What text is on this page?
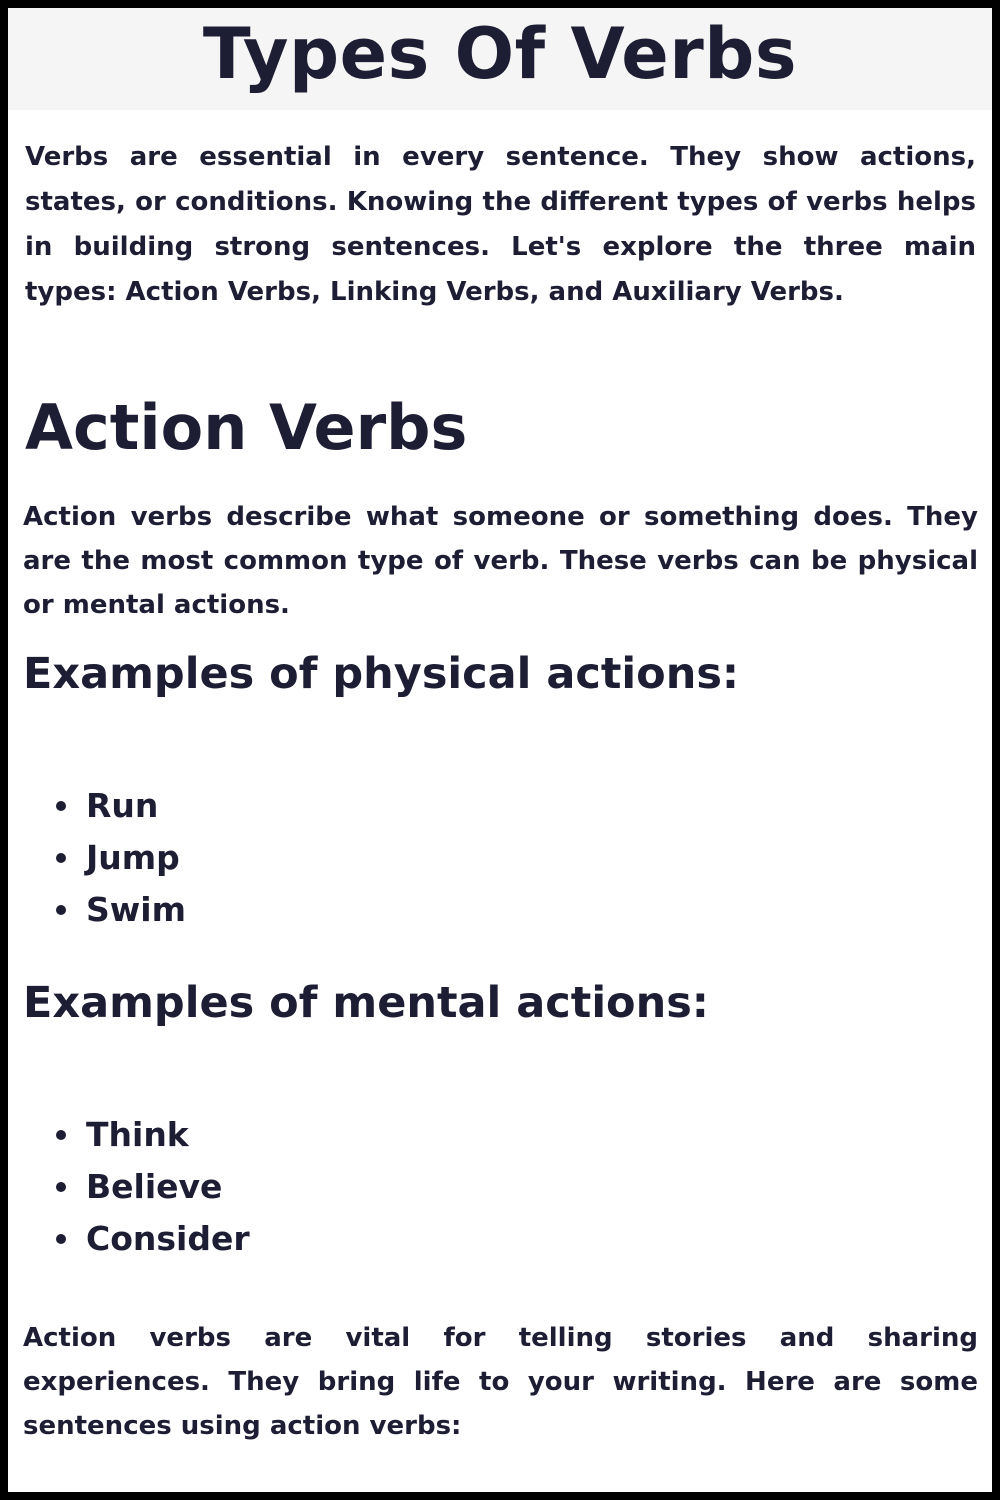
Types Of Verbs

Verbs are essential in every sentence. They show actions, states, or conditions. Knowing the different types of verbs helps in building strong sentences. Let's explore the three main types: Action Verbs, Linking Verbs, and Auxiliary Verbs.

Action Verbs

Action verbs describe what someone or something does. They are the most common type of verb. These verbs can be physical or mental actions.

Examples of physical actions:
Run
Jump
Swim
Examples of mental actions:
Think
Believe
Consider

Action verbs are vital for telling stories and sharing experiences. They bring life to your writing. Here are some sentences using action verbs:
